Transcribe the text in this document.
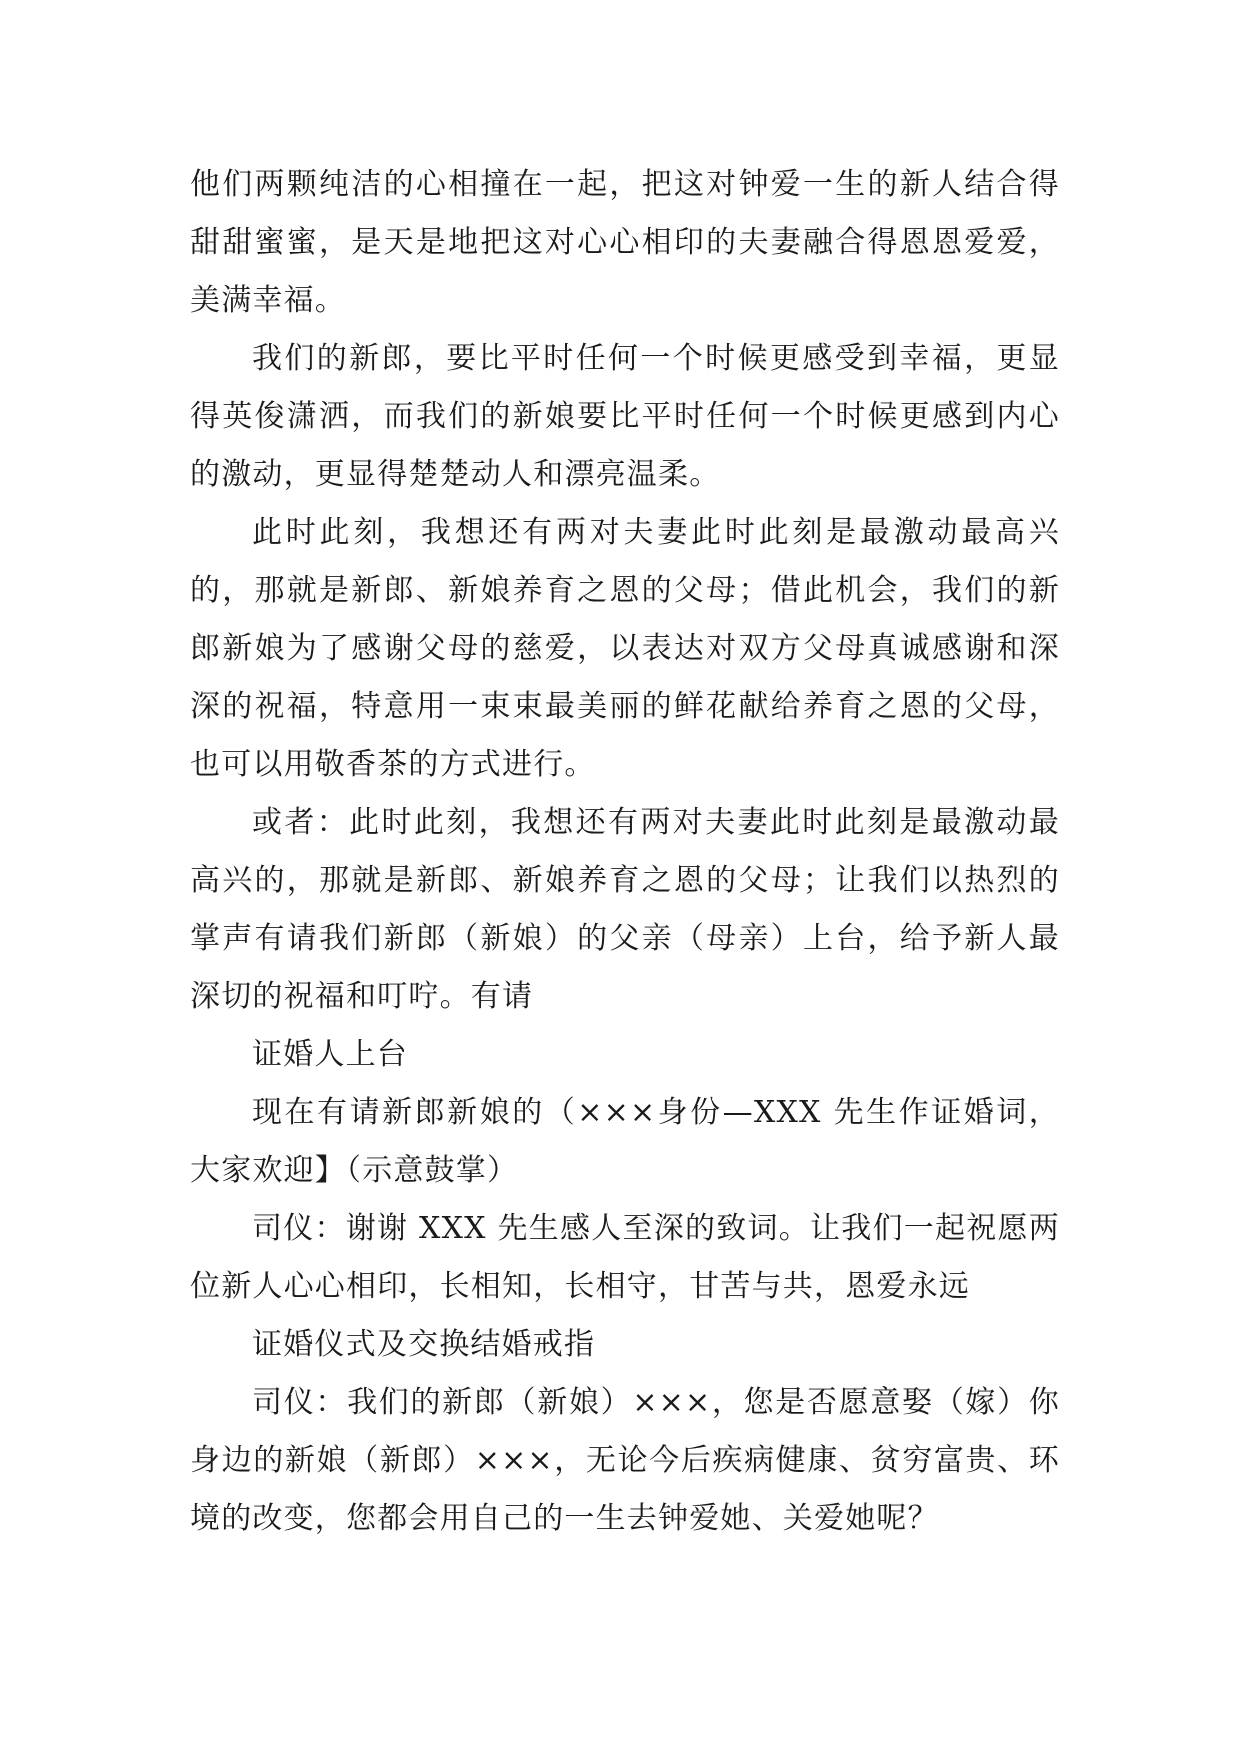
他们两颗纯洁的心相撞在一起，把这对钟爱一生的新人结合得甜甜蜜蜜，是天是地把这对心心相印的夫妻融合得恩恩爱爱，美满幸福。

我们的新郎，要比平时任何一个时候更感受到幸福，更显得英俊潇洒，而我们的新娘要比平时任何一个时候更感到内心的激动，更显得楚楚动人和漂亮温柔。

此时此刻，我想还有两对夫妻此时此刻是最激动最高兴的，那就是新郎、新娘养育之恩的父母；借此机会，我们的新郎新娘为了感谢父母的慈爱，以表达对双方父母真诚感谢和深深的祝福，特意用一束束最美丽的鲜花献给养育之恩的父母，也可以用敬香茶的方式进行。

或者：此时此刻，我想还有两对夫妻此时此刻是最激动最高兴的，那就是新郎、新娘养育之恩的父母；让我们以热烈的掌声有请我们新郎（新娘）的父亲（母亲）上台，给予新人最深切的祝福和叮咛。有请

证婚人上台

现在有请新郎新娘的（×××身份—XXX 先生作证婚词，大家欢迎】（示意鼓掌）

司仪：谢谢 XXX 先生感人至深的致词。让我们一起祝愿两位新人心心相印，长相知，长相守，甘苦与共，恩爱永远

证婚仪式及交换结婚戒指

司仪：我们的新郎（新娘）×××，您是否愿意娶（嫁）你身边的新娘（新郎）×××，无论今后疾病健康、贫穷富贵、环境的改变，您都会用自己的一生去钟爱她、关爱她呢？
